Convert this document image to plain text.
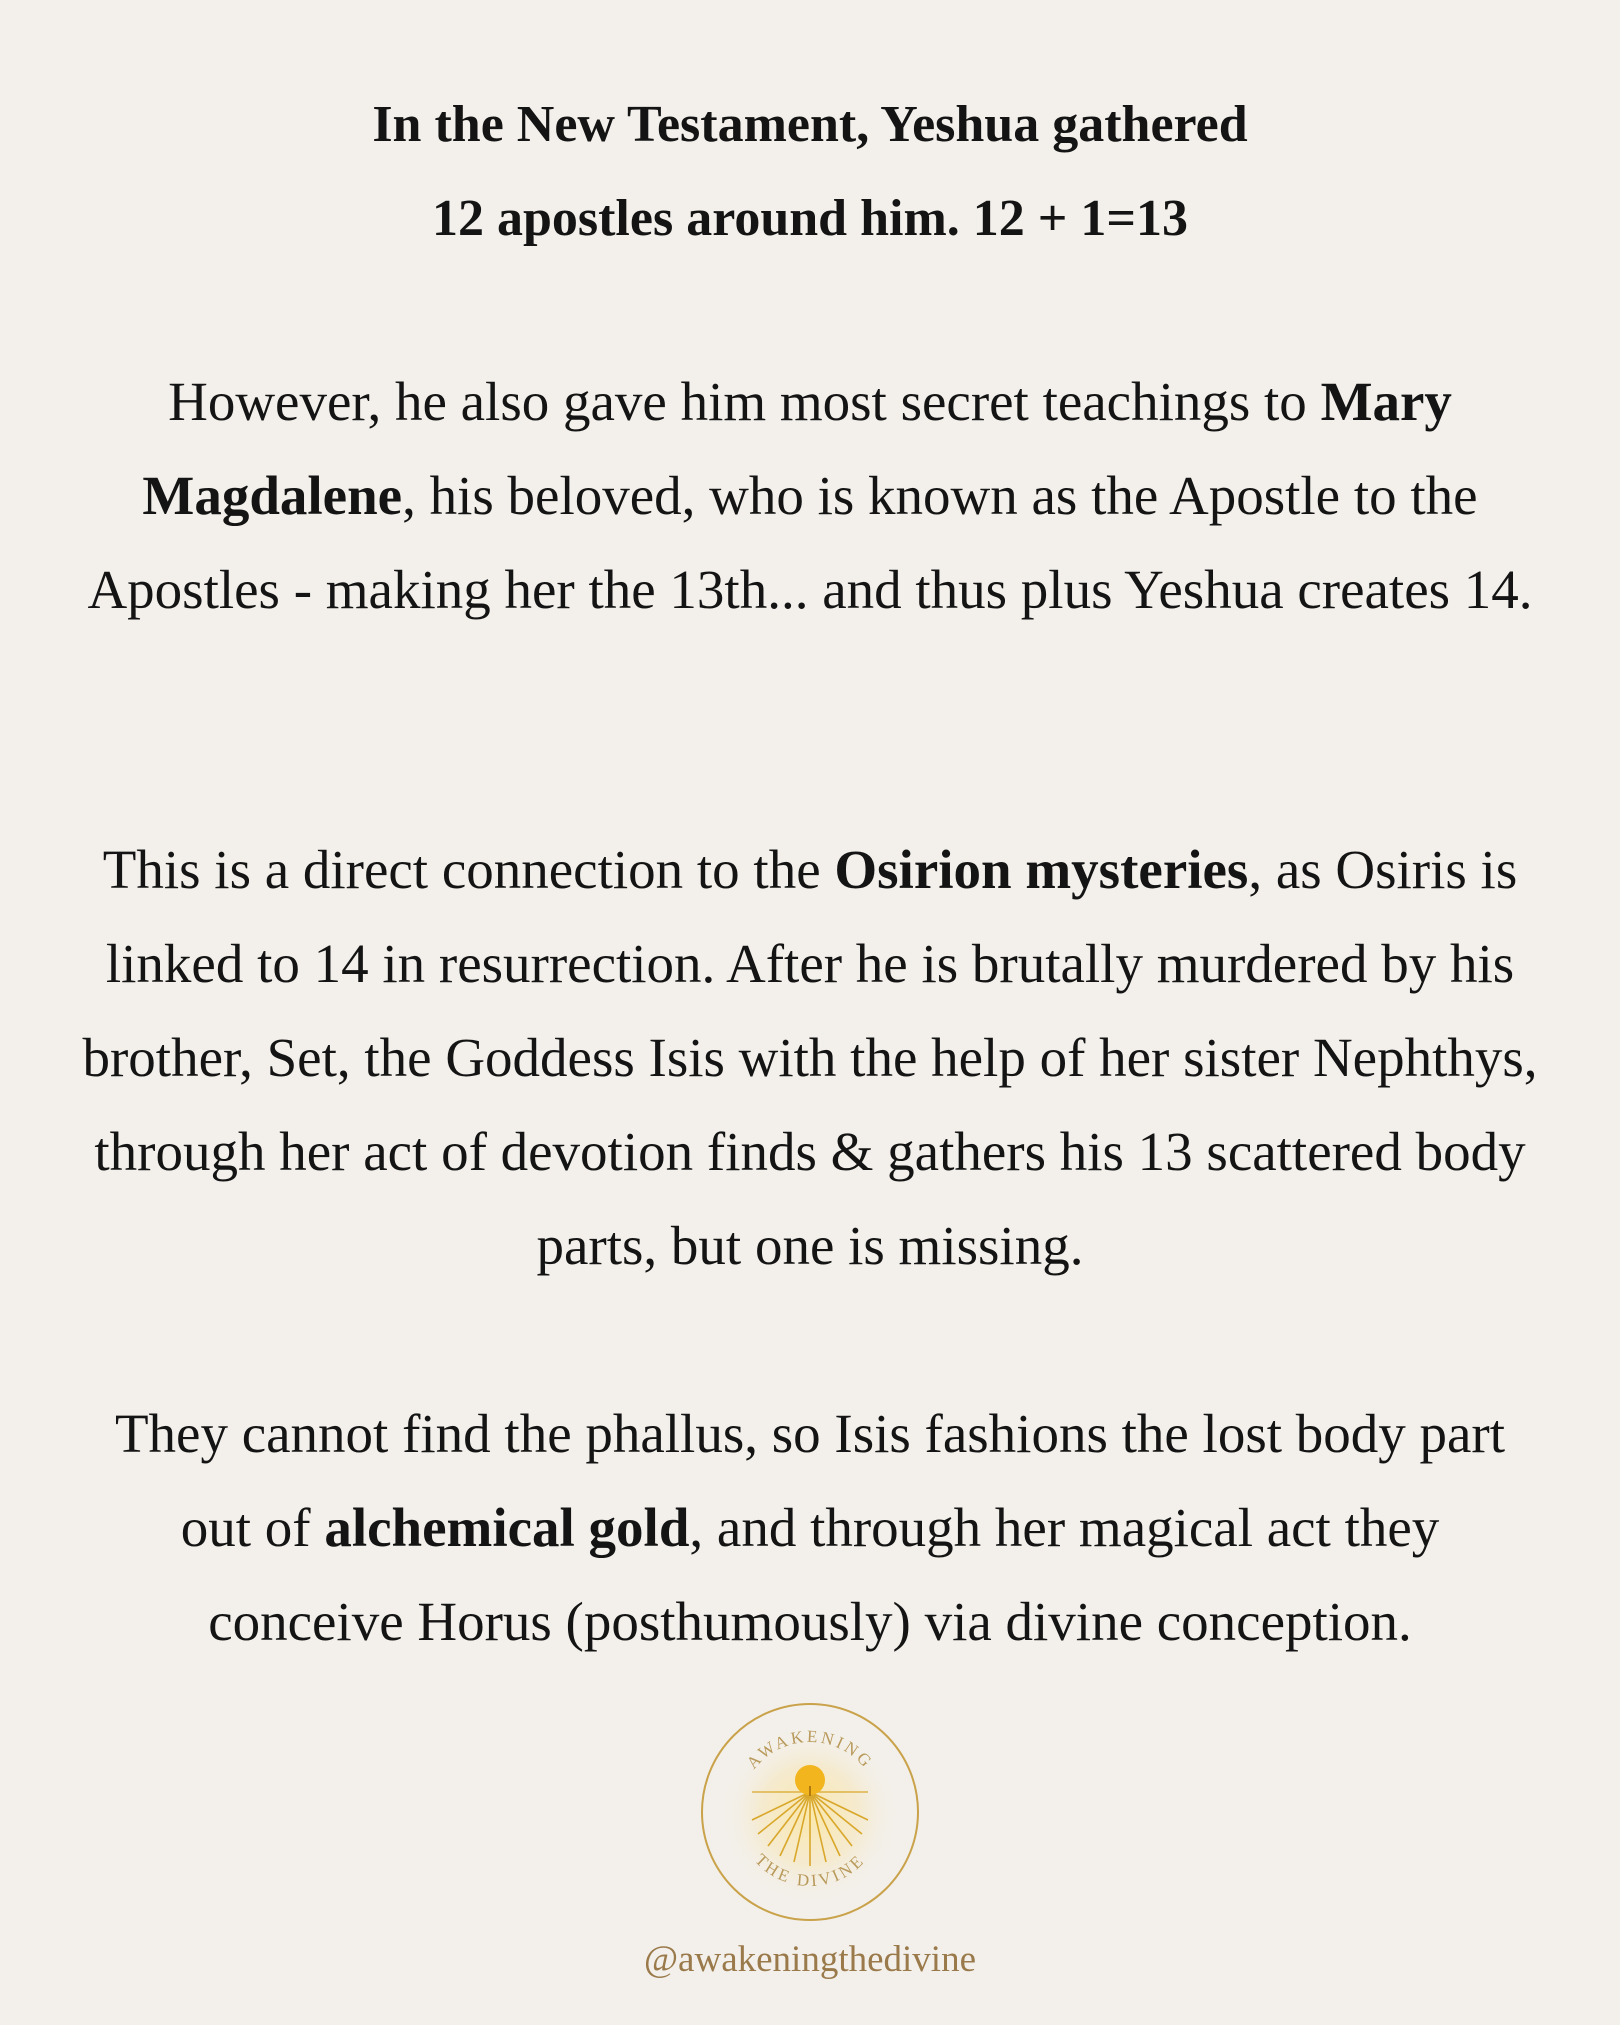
In the New Testament, Yeshua gathered
12 apostles around him. 12 + 1=13

However, he also gave him most secret teachings to Mary Magdalene, his beloved, who is known as the Apostle to the Apostles - making her the 13th... and thus plus Yeshua creates 14.

This is a direct connection to the Osirion mysteries, as Osiris is linked to 14 in resurrection. After he is brutally murdered by his brother, Set, the Goddess Isis with the help of her sister Nephthys, through her act of devotion finds & gathers his 13 scattered body parts, but one is missing.

They cannot find the phallus, so Isis fashions the lost body part out of alchemical gold, and through her magical act they conceive Horus (posthumously) via divine conception.

AWAKENING
THE DIVINE

@awakeningthedivine
